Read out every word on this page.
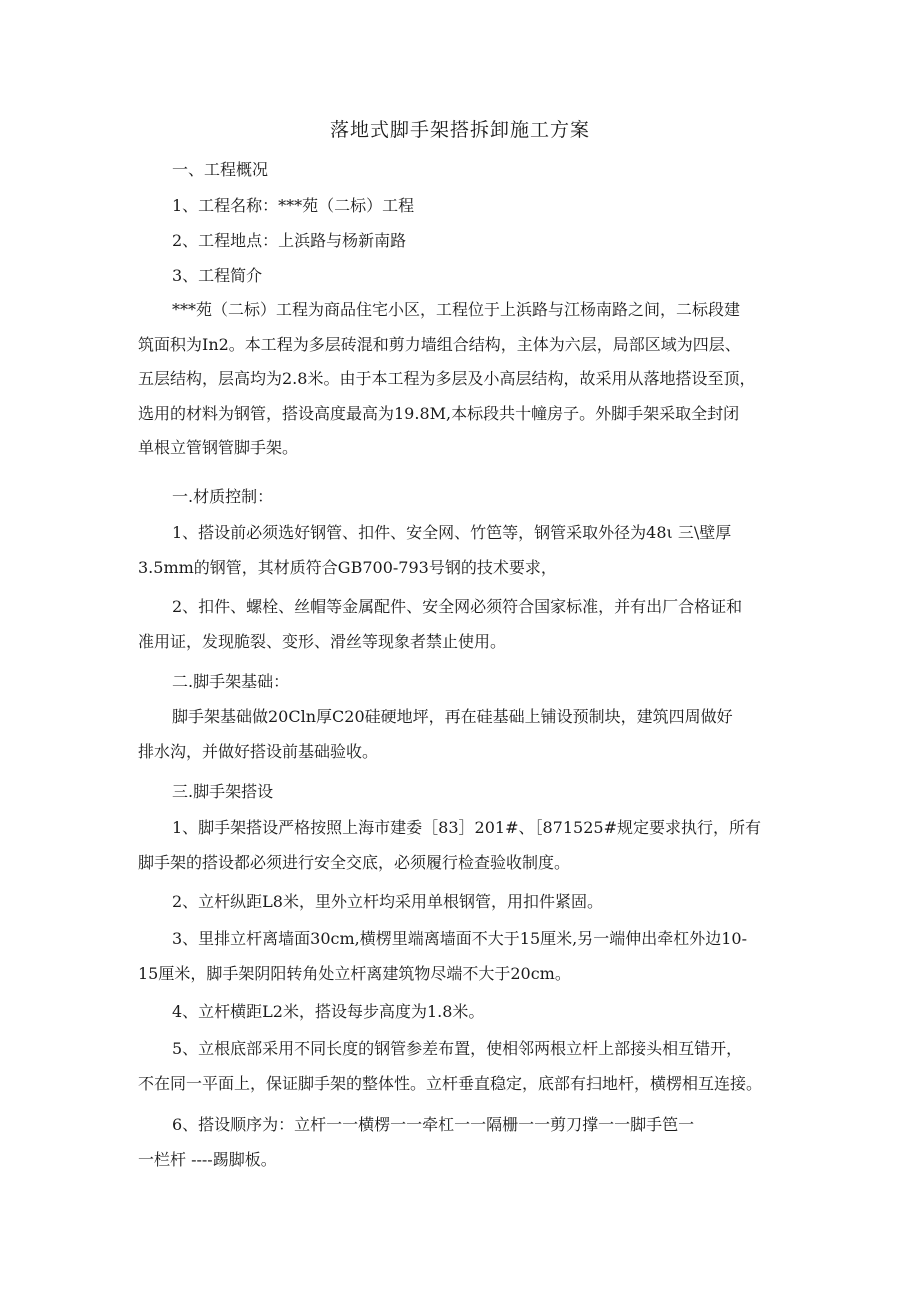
落地式脚手架搭拆卸施工方案
一、工程概况
1、工程名称：***苑（二标）工程
2、工程地点：上浜路与杨新南路
3、工程简介
***苑（二标）工程为商品住宅小区，工程位于上浜路与江杨南路之间，二标段建
筑面积为In2。本工程为多层砖混和剪力墙组合结构，主体为六层，局部区域为四层、
五层结构，层高均为2.8米。由于本工程为多层及小高层结构，故采用从落地搭设至顶，
选用的材料为钢管，搭设高度最高为19.8M,本标段共十幢房子。外脚手架采取全封闭
单根立管钢管脚手架。
一.材质控制：
1、搭设前必须选好钢管、扣件、安全网、竹笆等，钢管采取外径为48ι 三\壁厚
3.5mm的钢管，其材质符合GB700-793号钢的技术要求，
2、扣件、螺栓、丝帽等金属配件、安全网必须符合国家标准，并有出厂合格证和
准用证，发现脆裂、变形、滑丝等现象者禁止使用。
二.脚手架基础：
脚手架基础做20Cln厚C20硅硬地坪，再在硅基础上铺设预制块，建筑四周做好
排水沟，并做好搭设前基础验收。
三.脚手架搭设
1、脚手架搭设严格按照上海市建委［83］201#、［871525#规定要求执行，所有
脚手架的搭设都必须进行安全交底，必须履行检查验收制度。
2、立杆纵距L8米，里外立杆均采用单根钢管，用扣件紧固。
3、里排立杆离墙面30cm,横楞里端离墙面不大于15厘米,另一端伸出牵杠外边10-
15厘米，脚手架阴阳转角处立杆离建筑物尽端不大于20cm。
4、立杆横距L2米，搭设每步高度为1.8米。
5、立根底部采用不同长度的钢管参差布置，使相邻两根立杆上部接头相互错开，
不在同一平面上，保证脚手架的整体性。立杆垂直稳定，底部有扫地杆，横楞相互连接。
6、搭设顺序为：立杆一一横楞一一牵杠一一隔栅一一剪刀撑一一脚手笆一
一栏杆 ----踢脚板。
